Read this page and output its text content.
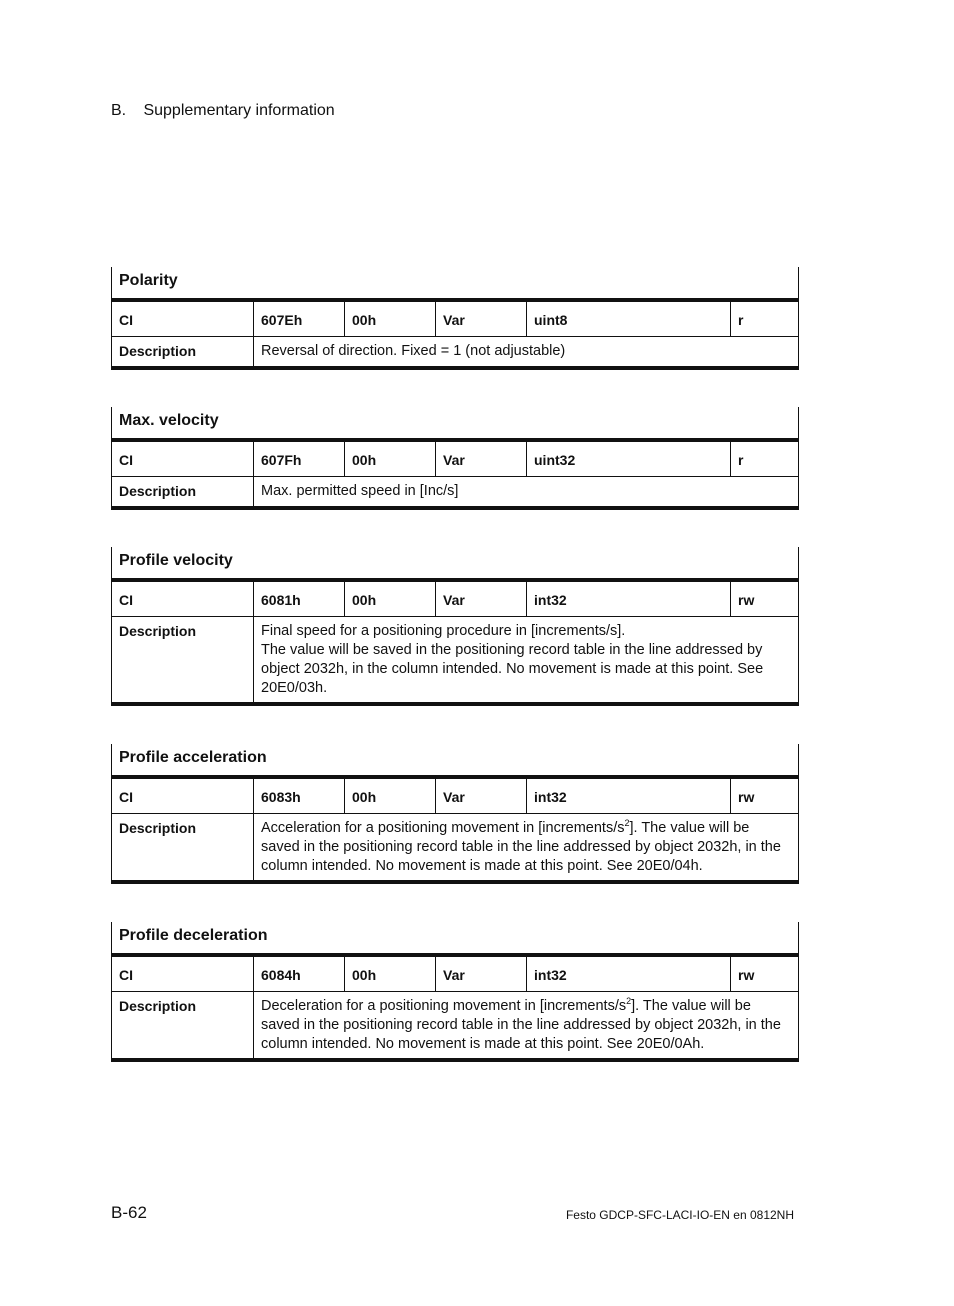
B. Supplementary information
Polarity
CI	607Eh	00h	Var	uint8	r
Description	Reversal of direction. Fixed = 1 (not adjustable)
Max. velocity
CI	607Fh	00h	Var	uint32	r
Description	Max. permitted speed in [Inc/s]
Profile velocity
CI	6081h	00h	Var	int32	rw
Description	Final speed for a positioning procedure in [increments/s].
The value will be saved in the positioning record table in the line addressed by object 2032h, in the column intended. No movement is made at this point. See 20E0/03h.
Profile acceleration
CI	6083h	00h	Var	int32	rw
Description	Acceleration for a positioning movement in $[increments/s^2]$. The value will be saved in the positioning record table in the line addressed by object 2032h, in the column intended. No movement is made at this point. See 20E0/04h.
Profile deceleration
CI	6084h	00h	Var	int32	rw
Description	Deceleration for a positioning movement in $[increments/s^2]$. The value will be saved in the positioning record table in the line addressed by object 2032h, in the column intended. No movement is made at this point. See 20E0/0Ah.
B-62	Festo GDCP-SFC-LACI-IO-EN en 0812NH
